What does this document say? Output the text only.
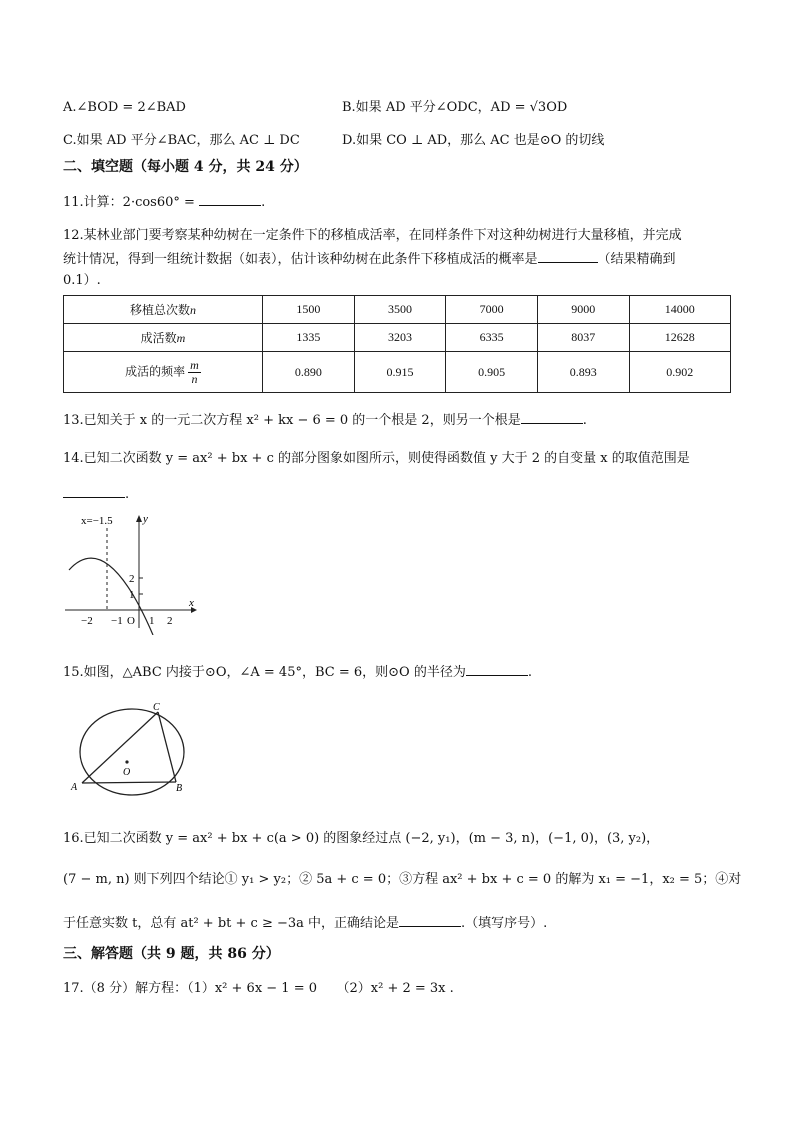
A.∠BOD = 2∠BAD	B.如果 AD 平分∠ODC，AD = √3OD
C.如果 AD 平分∠BAC，那么 AC ⊥ DC	D.如果 CO ⊥ AD，那么 AC 也是⊙O 的切线
二、填空题（每小题 4 分，共 24 分）
11.计算：2·cos60° =	.
12.某林业部门要考察某种幼树在一定条件下的移植成活率，在同样条件下对这种幼树进行大量移植，并完成
统计情况，得到一组统计数据（如表），估计该种幼树在此条件下移植成活的概率是	（结果精确到
0.1）.
移植总次数n	1500	3500	7000	9000	14000
成活数m	1335	3203	6335	8037	12628
成活的频率 $\frac{m}{n}$	0.890	0.915	0.905	0.893	0.902
13.已知关于 x 的一元二次方程 x² + kx − 6 = 0 的一个根是 2，则另一个根是	.
14.已知二次函数 y = ax² + bx + c 的部分图象如图所示，则使得函数值 y 大于 2 的自变量 x 的取值范围是
.
x=−1.5	y
x
2
1
−2 −1 O 1 2
15.如图，△ABC 内接于⊙O，∠A = 45°，BC = 6，则⊙O 的半径为	.
O
A	B
C
16.已知二次函数 y = ax² + bx + c(a > 0) 的图象经过点 (−2, y₁)，(m − 3, n)，(−1, 0)，(3, y₂)，
(7 − m, n) 则下列四个结论① y₁ > y₂；② 5a + c = 0；③方程 ax² + bx + c = 0 的解为 x₁ = −1，x₂ = 5；④对
于任意实数 t，总有 at² + bt + c ≥ −3a 中，正确结论是	.（填写序号）.
三、解答题（共 9 题，共 86 分）
17.（8 分）解方程：（1）x² + 6x − 1 = 0　　（2）x² + 2 = 3x .
